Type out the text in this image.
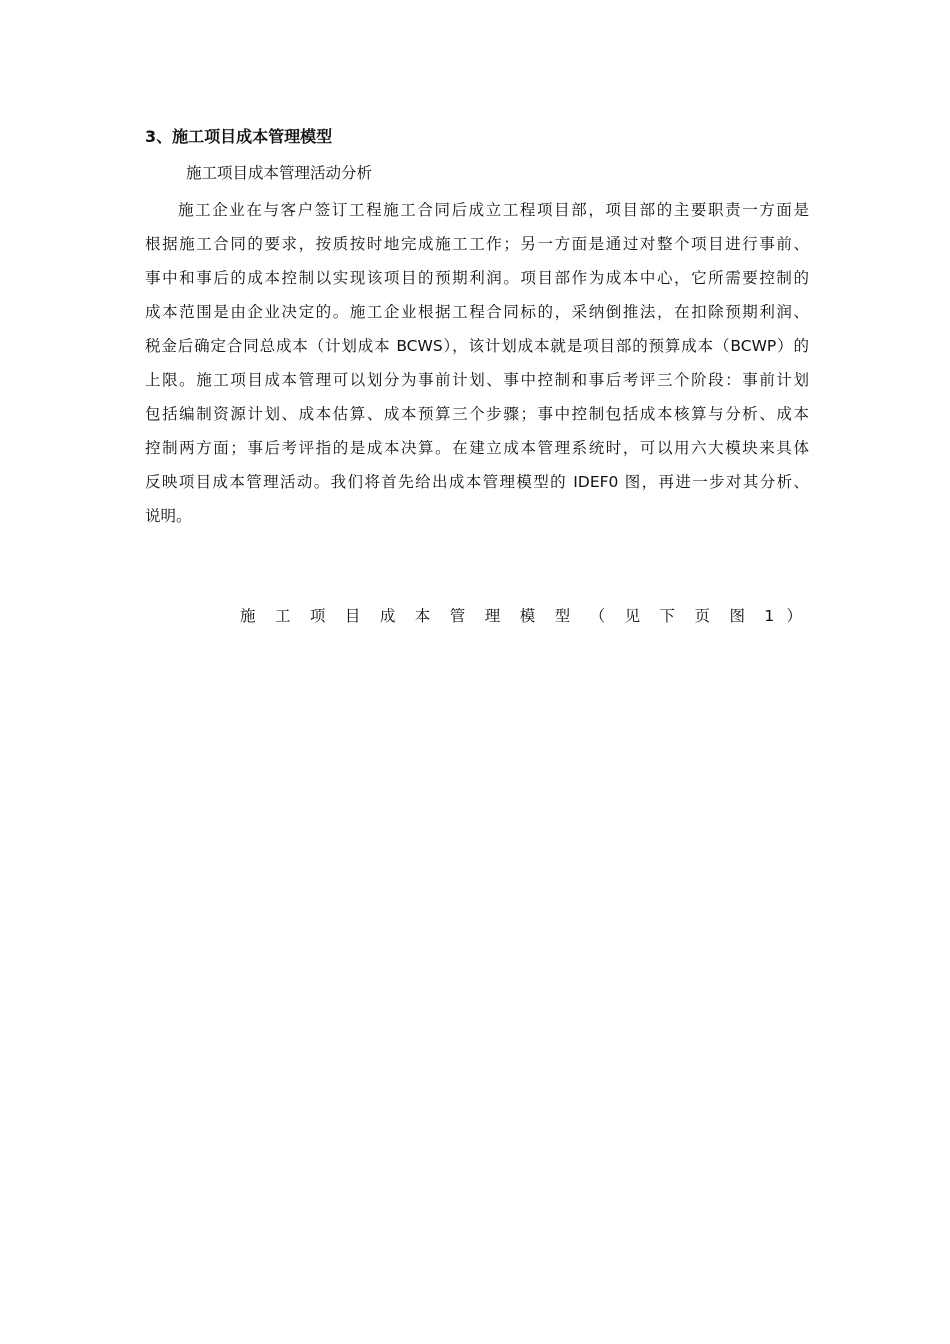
3、施工项目成本管理模型
施工项目成本管理活动分析
施工企业在与客户签订工程施工合同后成立工程项目部，项目部的主要职责一方面是
根据施工合同的要求，按质按时地完成施工工作；另一方面是通过对整个项目进行事前、
事中和事后的成本控制以实现该项目的预期利润。项目部作为成本中心，它所需要控制的
成本范围是由企业决定的。施工企业根据工程合同标的，采纳倒推法，在扣除预期利润、
税金后确定合同总成本（计划成本 BCWS），该计划成本就是项目部的预算成本（BCWP）的
上限。施工项目成本管理可以划分为事前计划、事中控制和事后考评三个阶段：事前计划
包括编制资源计划、成本估算、成本预算三个步骤；事中控制包括成本核算与分析、成本
控制两方面；事后考评指的是成本决算。在建立成本管理系统时，可以用六大模块来具体
反映项目成本管理活动。我们将首先给出成本管理模型的 IDEF0 图，再进一步对其分析、
说明。
施 工 项 目 成 本 管 理 模 型 （ 见 下 页 图 1 ）
